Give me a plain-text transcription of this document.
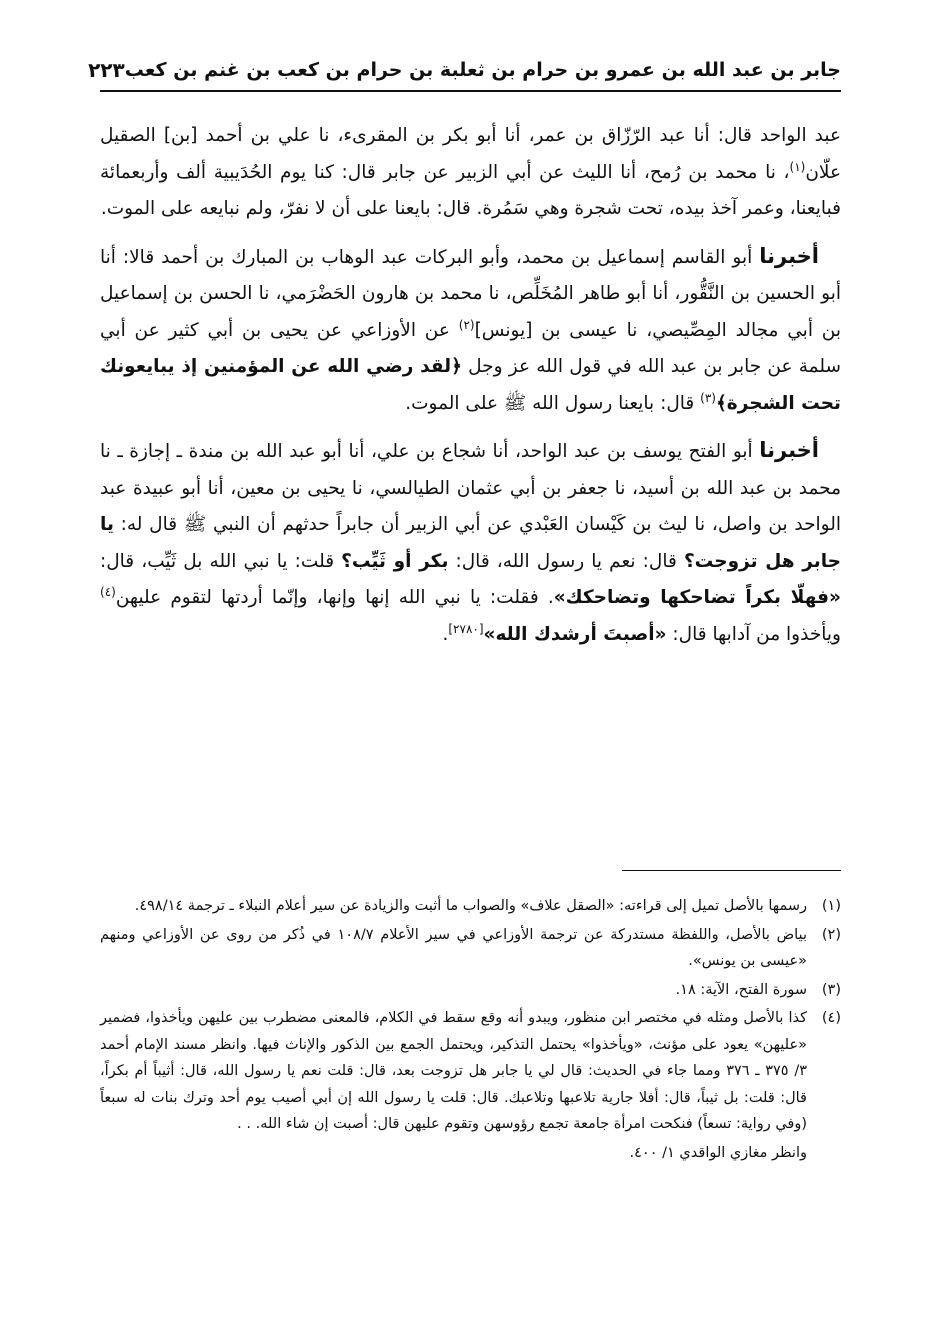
جابر بن عبد الله بن عمرو بن حرام بن ثعلبة بن حرام بن كعب بن غنم بن كعب
٢٢٣

عبد الواحد قال: أنا عبد الرّزّاق بن عمر، أنا أبو بكر بن المقرىء، نا علي بن أحمد [بن] الصقيل علّان$^{(١)}$، نا محمد بن رُمح، أنا الليث عن أبي الزبير عن جابر قال: كنا يوم الحُدَيبية ألف وأربعمائة فبايعنا، وعمر آخذ بيده، تحت شجرة وهي سَمُرة. قال: بايعنا على أن لا نفرّ، ولم نبايعه على الموت.

أخبرنا أبو القاسم إسماعيل بن محمد، وأبو البركات عبد الوهاب بن المبارك بن أحمد قالا: أنا أبو الحسين بن النَّقُّور، أنا أبو طاهر المُخَلِّص، نا محمد بن هارون الحَضْرَمي، نا الحسن بن إسماعيل بن أبي مجالد المِصِّيصي، نا عيسى بن [يونس]$^{(٢)}$ عن الأوزاعي عن يحيى بن أبي كثير عن أبي سلمة عن جابر بن عبد الله في قول الله عز وجل ﴿لقد رضي الله عن المؤمنين إذ يبايعونك تحت الشجرة﴾$^{(٣)}$ قال: بايعنا رسول الله ﷺ على الموت.

أخبرنا أبو الفتح يوسف بن عبد الواحد، أنا شجاع بن علي، أنا أبو عبد الله بن مندة ـ إجازة ـ نا محمد بن عبد الله بن أسيد، نا جعفر بن أبي عثمان الطيالسي، نا يحيى بن معين، أنا أبو عبيدة عبد الواحد بن واصل، نا ليث بن كَيْسان العَبْدي عن أبي الزبير أن جابراً حدثهم أن النبي ﷺ قال له: يا جابر هل تزوجت؟ قال: نعم يا رسول الله، قال: بكر أو ثَيِّب؟ قلت: يا نبي الله بل ثَيِّب، قال: «فهلّا بكراً تضاحكها وتضاحكك». فقلت: يا نبي الله إنها وإنها، وإنّما أردتها لتقوم عليهن$^{(٤)}$ ويأخذوا من آدابها قال: «أصبتَ أرشدك الله»[٢٧٨٠].

(١)
رسمها بالأصل تميل إلى قراءته: «الصقل علاف» والصواب ما أثبت والزيادة عن سير أعلام النبلاء ـ ترجمة ٤٩٨/١٤.
(٢)
بياض بالأصل، واللفظة مستدركة عن ترجمة الأوزاعي في سير الأعلام ١٠٨/٧ في ذُكر من روى عن الأوزاعي ومنهم «عيسى بن يونس».
(٣)
سورة الفتح، الآية: ١٨.
(٤)
كذا بالأصل ومثله في مختصر ابن منظور، ويبدو أنه وقع سقط في الكلام، فالمعنى مضطرب بين عليهن ويأخذوا، فضمير «عليهن» يعود على مؤنث، «ويأخذوا» يحتمل التذكير، ويحتمل الجمع بين الذكور والإناث فيها. وانظر مسند الإمام أحمد ٣/ ٣٧٥ ـ ٣٧٦ ومما جاء في الحديث: قال لي يا جابر هل تزوجت بعد، قال: قلت نعم يا رسول الله، قال: أثيباً أم بكراً، قال: قلت: بل ثيباً، قال: أفلا جارية تلاعبها وتلاعبك. قال: قلت يا رسول الله إن أبي أصيب يوم أحد وترك بنات له سبعاً (وفي رواية: تسعاً) فنكحت امرأة جامعة تجمع رؤوسهن وتقوم عليهن قال: أصبت إن شاء الله. . .
وانظر مغازي الواقدي ١/ ٤٠٠.
